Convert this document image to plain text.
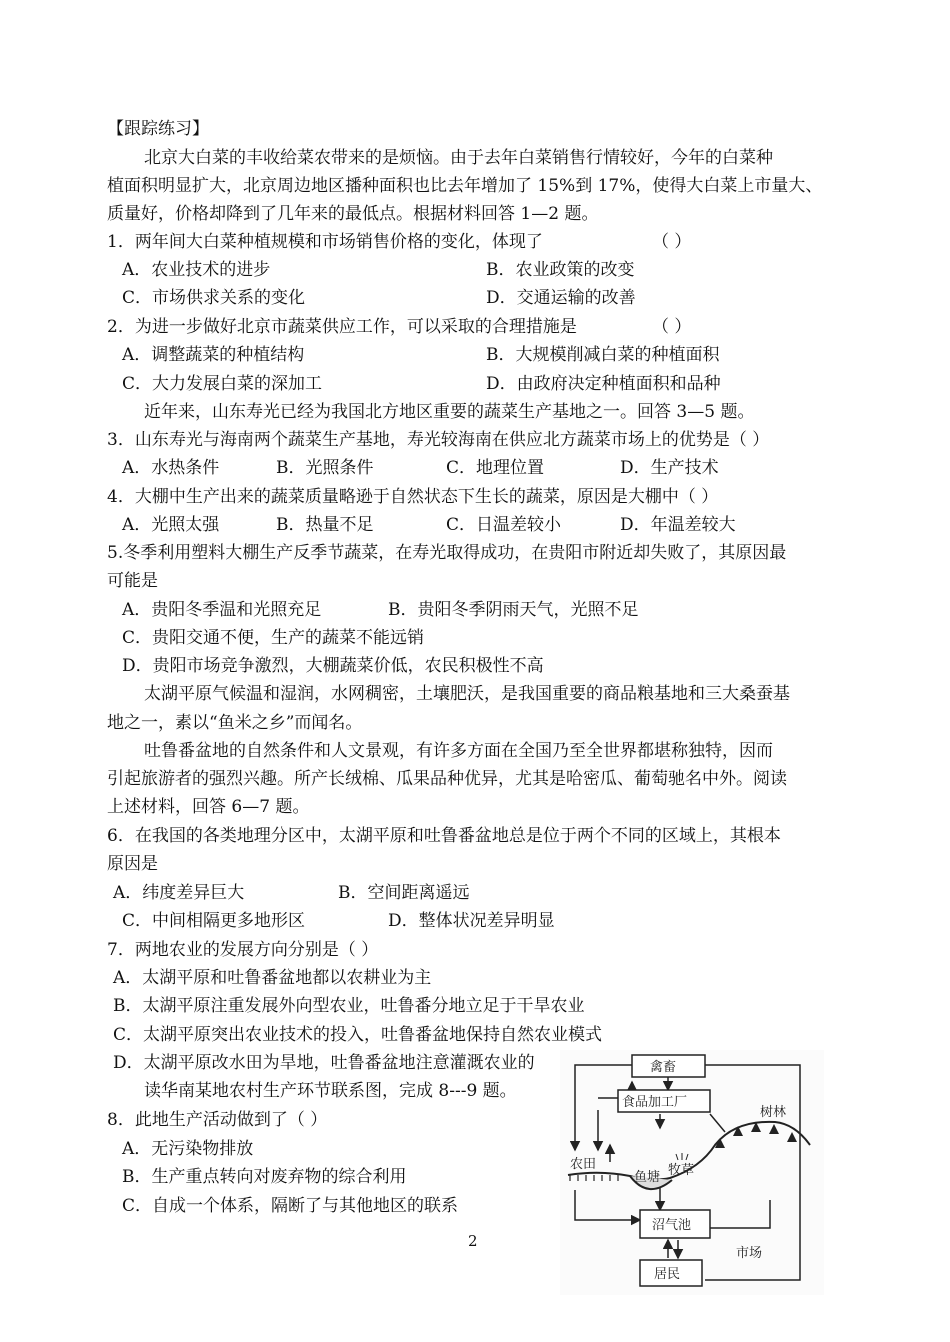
【跟踪练习】
北京大白菜的丰收给菜农带来的是烦恼。由于去年白菜销售行情较好，今年的白菜种
植面积明显扩大，北京周边地区播种面积也比去年增加了 15%到 17%，使得大白菜上市量大、
质量好，价格却降到了几年来的最低点。根据材料回答 1—2 题。
1．两年间大白菜种植规模和市场销售价格的变化，体现了	（ ）
A．农业技术的进步	B．农业政策的改变
C．市场供求关系的变化	D．交通运输的改善
2．为进一步做好北京市蔬菜供应工作，可以采取的合理措施是	（ ）
A．调整蔬菜的种植结构	B．大规模削减白菜的种植面积
C．大力发展白菜的深加工	D．由政府决定种植面积和品种
近年来，山东寿光已经为我国北方地区重要的蔬菜生产基地之一。回答 3—5 题。
3．山东寿光与海南两个蔬菜生产基地，寿光较海南在供应北方蔬菜市场上的优势是（ ）
A．水热条件	B．光照条件	C．地理位置	D．生产技术
4．大棚中生产出来的蔬菜质量略逊于自然状态下生长的蔬菜，原因是大棚中（ ）
A．光照太强	B．热量不足	C．日温差较小	D．年温差较大
5.冬季利用塑料大棚生产反季节蔬菜，在寿光取得成功，在贵阳市附近却失败了，其原因最
可能是
A．贵阳冬季温和光照充足	B．贵阳冬季阴雨天气，光照不足
C．贵阳交通不便，生产的蔬菜不能远销
D．贵阳市场竞争激烈，大棚蔬菜价低，农民积极性不高
太湖平原气候温和湿润，水网稠密，土壤肥沃，是我国重要的商品粮基地和三大桑蚕基
地之一，素以“鱼米之乡”而闻名。
吐鲁番盆地的自然条件和人文景观，有许多方面在全国乃至全世界都堪称独特，因而
引起旅游者的强烈兴趣。所产长绒棉、瓜果品种优异，尤其是哈密瓜、葡萄驰名中外。阅读
上述材料，回答 6—7 题。
6．在我国的各类地理分区中，太湖平原和吐鲁番盆地总是位于两个不同的区域上，其根本
原因是
A．纬度差异巨大	B．空间距离遥远
C．中间相隔更多地形区	D．整体状况差异明显
7．两地农业的发展方向分别是（ ）
A．太湖平原和吐鲁番盆地都以农耕业为主
B．太湖平原注重发展外向型农业，吐鲁番分地立足于干旱农业
C．太湖平原突出农业技术的投入，吐鲁番盆地保持自然农业模式
D．太湖平原改水田为旱地，吐鲁番盆地注意灌溉农业的
读华南某地农村生产环节联系图，完成 8---9 题。
8．此地生产活动做到了（ ）
A．无污染物排放
B．生产重点转向对废弃物的综合利用
C．自成一个体系，隔断了与其他地区的联系
2
禽畜
食品加工厂
树林
牧草
农田
鱼塘
沼气池
市场
居民
